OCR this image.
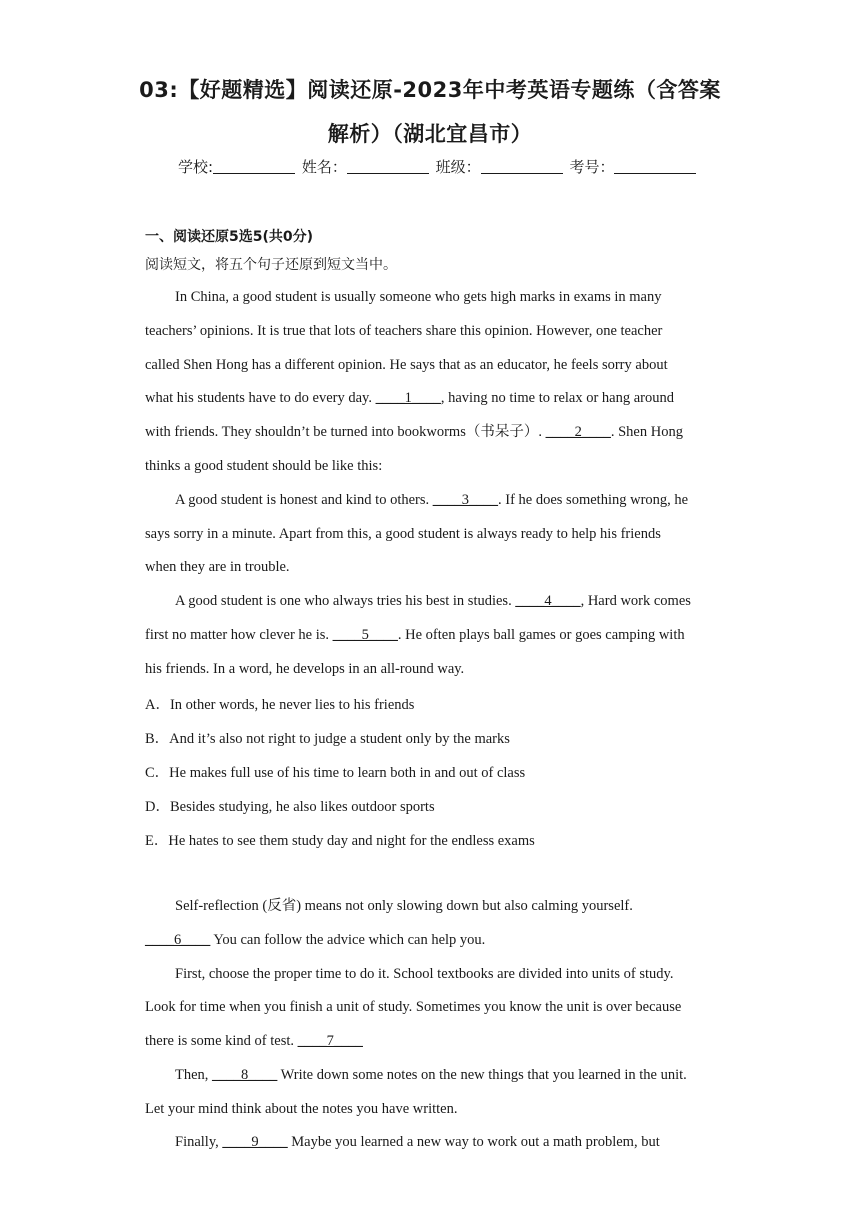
03:【好题精选】阅读还原-2023年中考英语专题练（含答案
解析）（湖北宜昌市）
学校:	姓名：	班级：	考号：
一、阅读还原5选5(共0分)
阅读短文，将五个句子还原到短文当中。
In China, a good student is usually someone who gets high marks in exams in many
teachers’ opinions. It is true that lots of teachers share this opinion. However, one teacher
called Shen Hong has a different opinion. He says that as an educator, he feels sorry about
what his students have to do every day. ____1____, having no time to relax or hang around
with friends. They shouldn’t be turned into bookworms（书呆子）. ____2____. Shen Hong
thinks a good student should be like this:
A good student is honest and kind to others. ____3____. If he does something wrong, he
says sorry in a minute. Apart from this, a good student is always ready to help his friends
when they are in trouble.
A good student is one who always tries his best in studies. ____4____, Hard work comes
first no matter how clever he is. ____5____. He often plays ball games or goes camping with
his friends. In a word, he develops in an all-round way.
A．In other words, he never lies to his friends
B．And it’s also not right to judge a student only by the marks
C．He makes full use of his time to learn both in and out of class
D．Besides studying, he also likes outdoor sports
E．He hates to see them study day and night for the endless exams
Self-reflection (反省) means not only slowing down but also calming yourself.
____6____ You can follow the advice which can help you.
First, choose the proper time to do it. School textbooks are divided into units of study.
Look for time when you finish a unit of study. Sometimes you know the unit is over because
there is some kind of test. ____7____
Then, ____8____ Write down some notes on the new things that you learned in the unit.
Let your mind think about the notes you have written.
Finally, ____9____ Maybe you learned a new way to work out a math problem, but
